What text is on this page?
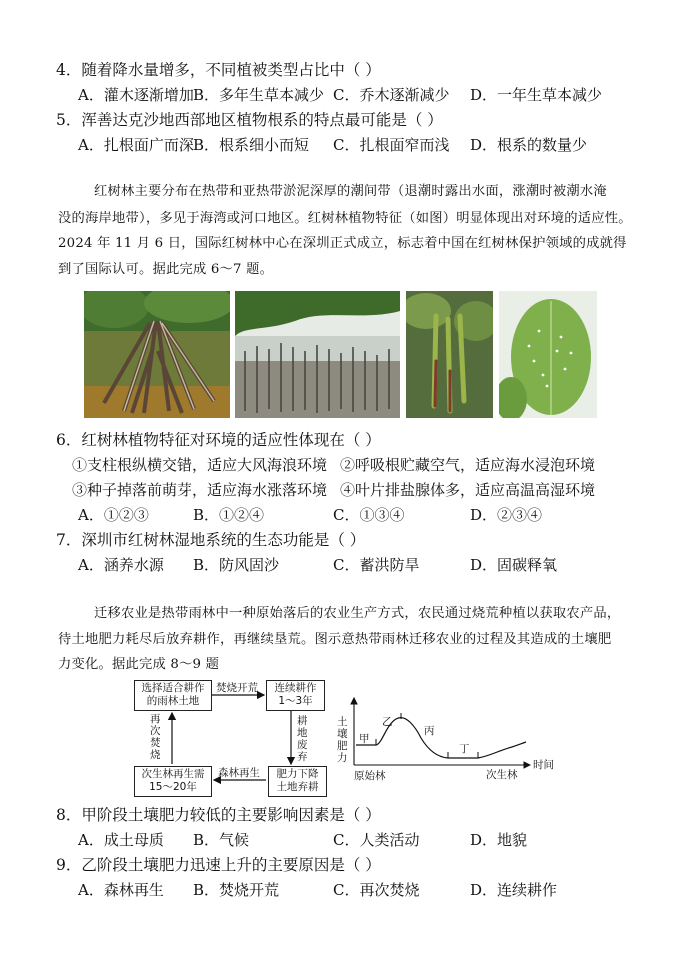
4．随着降水量增多，不同植被类型占比中（ ）
A．灌木逐渐增加 B．多年生草本减少 C．乔木逐渐减少 D．一年生草本减少
5．浑善达克沙地西部地区植物根系的特点最可能是（ ）
A．扎根面广而深 B．根系细小而短 C．扎根面窄而浅 D．根系的数量少
红树林主要分布在热带和亚热带淤泥深厚的潮间带（退潮时露出水面，涨潮时被潮水淹
没的海岸地带），多见于海湾或河口地区。红树林植物特征（如图）明显体现出对环境的适应性。
2024 年 11 月 6 日，国际红树林中心在深圳正式成立，标志着中国在红树林保护领域的成就得
到了国际认可。据此完成 6～7 题。
6．红树林植物特征对环境的适应性体现在（ ）
①支柱根纵横交错，适应大风海浪环境 ②呼吸根贮藏空气，适应海水浸泡环境
③种子掉落前萌芽，适应海水涨落环境 ④叶片排盐腺体多，适应高温高湿环境
A．①②③	B．①②④	C．①③④	D．②③④
7．深圳市红树林湿地系统的生态功能是（ ）
A．涵养水源 B．防风固沙	C．蓄洪防旱	D．固碳释氧
迁移农业是热带雨林中一种原始落后的农业生产方式，农民通过烧荒种植以获取农产品，
待土地肥力耗尽后放弃耕作，再继续垦荒。图示意热带雨林迁移农业的过程及其造成的土壤肥
力变化。据此完成 8～9 题
选择适合耕作
的雨林土地
连续耕作
1～3年
肥力下降
土地弃耕
次生林再生需
15～20年
焚烧开荒
耕地废弃
森林再生
再次焚烧
土壤肥力
甲
乙
丙
丁
原始林	次生林
时间
8．甲阶段土壤肥力较低的主要影响因素是（ ）
A．成土母质 B．气候	C．人类活动	D．地貌
9．乙阶段土壤肥力迅速上升的主要原因是（ ）
A．森林再生 B．焚烧开荒	C．再次焚烧	D．连续耕作
